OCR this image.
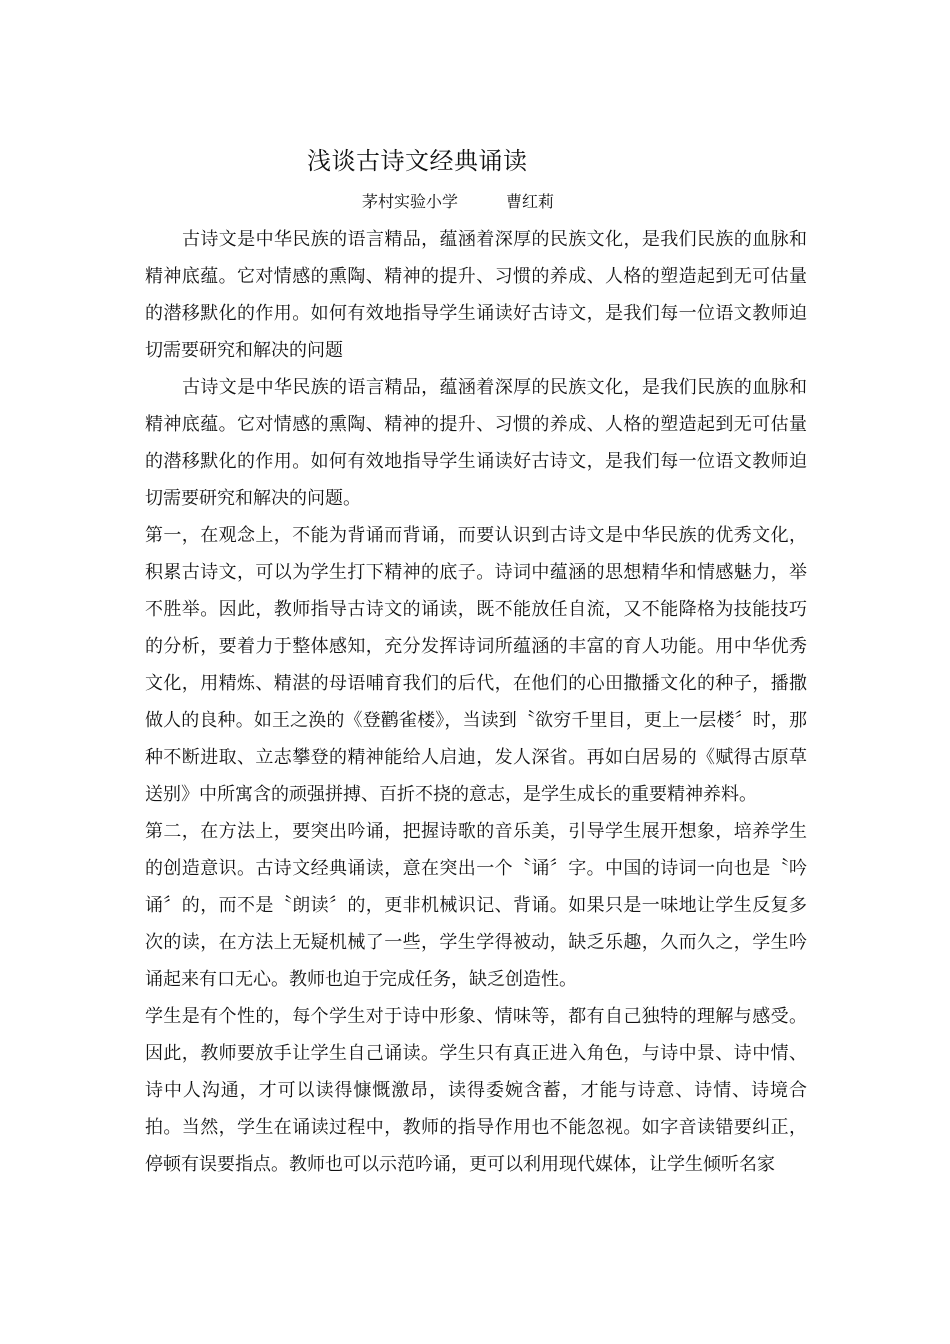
浅谈古诗文经典诵读
茅村实验小学	曹红莉

古诗文是中华民族的语言精品，蕴涵着深厚的民族文化，是我们民族的血脉和精神底蕴。它对情感的熏陶、精神的提升、习惯的养成、人格的塑造起到无可估量的潜移默化的作用。如何有效地指导学生诵读好古诗文，是我们每一位语文教师迫切需要研究和解决的问题

古诗文是中华民族的语言精品，蕴涵着深厚的民族文化，是我们民族的血脉和精神底蕴。它对情感的熏陶、精神的提升、习惯的养成、人格的塑造起到无可估量的潜移默化的作用。如何有效地指导学生诵读好古诗文，是我们每一位语文教师迫切需要研究和解决的问题。

第一，在观念上，不能为背诵而背诵，而要认识到古诗文是中华民族的优秀文化，积累古诗文，可以为学生打下精神的底子。诗词中蕴涵的思想精华和情感魅力，举不胜举。因此，教师指导古诗文的诵读，既不能放任自流，又不能降格为技能技巧的分析，要着力于整体感知，充分发挥诗词所蕴涵的丰富的育人功能。用中华优秀文化，用精炼、精湛的母语哺育我们的后代，在他们的心田撒播文化的种子，播撒做人的良种。如王之涣的《登鹳雀楼》，当读到〝欲穷千里目，更上一层楼〞时，那种不断进取、立志攀登的精神能给人启迪，发人深省。再如白居易的《赋得古原草送别》中所寓含的顽强拼搏、百折不挠的意志，是学生成长的重要精神养料。

第二，在方法上，要突出吟诵，把握诗歌的音乐美，引导学生展开想象，培养学生的创造意识。古诗文经典诵读，意在突出一个〝诵〞字。中国的诗词一向也是〝吟诵〞的，而不是〝朗读〞的，更非机械识记、背诵。如果只是一味地让学生反复多次的读，在方法上无疑机械了一些，学生学得被动，缺乏乐趣，久而久之，学生吟诵起来有口无心。教师也迫于完成任务，缺乏创造性。

学生是有个性的，每个学生对于诗中形象、情味等，都有自己独特的理解与感受。因此，教师要放手让学生自己诵读。学生只有真正进入角色，与诗中景、诗中情、诗中人沟通，才可以读得慷慨激昂，读得委婉含蓄，才能与诗意、诗情、诗境合拍。当然，学生在诵读过程中，教师的指导作用也不能忽视。如字音读错要纠正，停顿有误要指点。教师也可以示范吟诵，更可以利用现代媒体，让学生倾听名家
